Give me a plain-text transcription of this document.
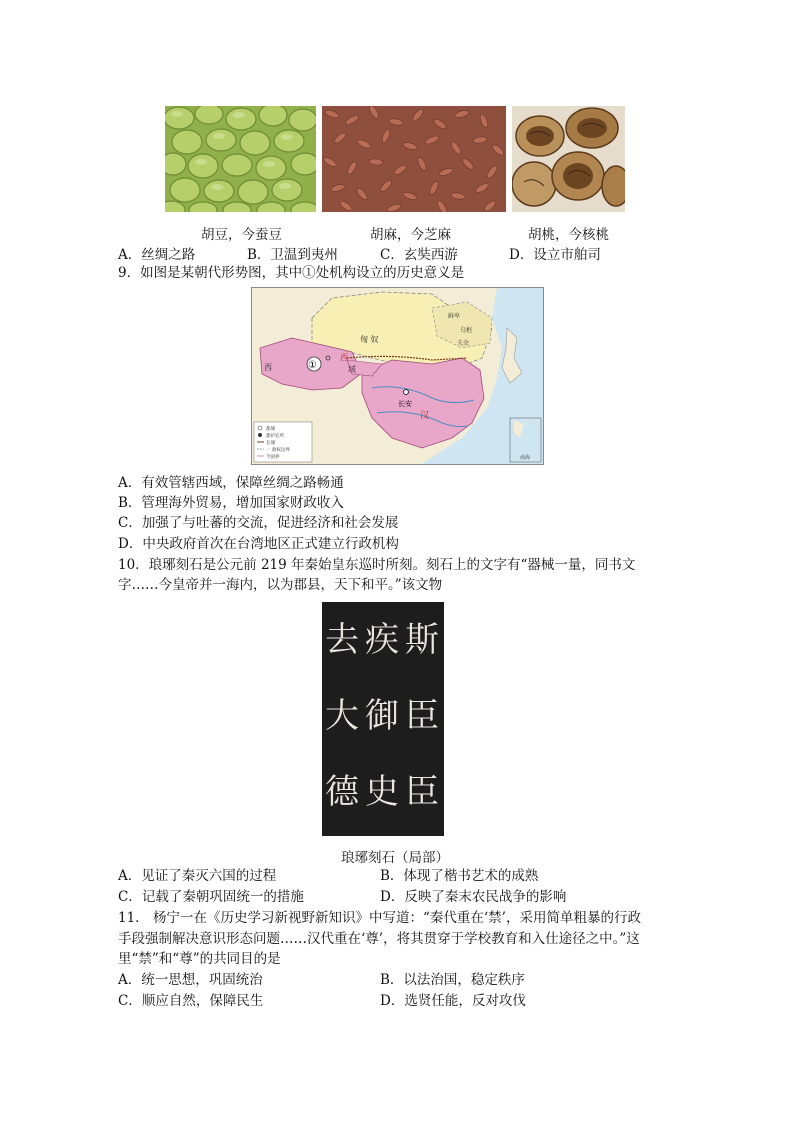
胡豆，今蚕豆	胡麻，今芝麻	胡桃，今核桃
A．丝绸之路	B．卫温到夷州	C．玄奘西游	D．设立市舶司
9．如图是某朝代形势图，其中①处机构设立的历史意义是
匈 奴
鲜卑
乌桓
夫余
西
域
西	①
长安
汉
都城
都护驻所
长城
一 政权边界
今国界	南海
A．有效管辖西域，保障丝绸之路畅通
B．管理海外贸易，增加国家财政收入
C．加强了与吐蕃的交流，促进经济和社会发展
D．中央政府首次在台湾地区正式建立行政机构
10．琅琊刻石是公元前 219 年秦始皇东巡时所刻。刻石上的文字有“器械一量，同书文
字……今皇帝并一海内，以为郡县，天下和平。”该文物
去 疾 斯
大 御 臣
德 史 臣
琅琊刻石（局部）
A．见证了秦灭六国的过程	B．体现了楷书艺术的成熟
C．记载了秦朝巩固统一的措施	D．反映了秦末农民战争的影响
11． 杨宁一在《历史学习新视野新知识》中写道：“秦代重在‘禁’，采用简单粗暴的行政
手段强制解决意识形态问题……汉代重在‘尊’，将其贯穿于学校教育和入仕途径之中。”这
里“禁”和“尊”的共同目的是
A．统一思想，巩固统治	B．以法治国，稳定秩序
C．顺应自然，保障民生	D．选贤任能，反对攻伐
